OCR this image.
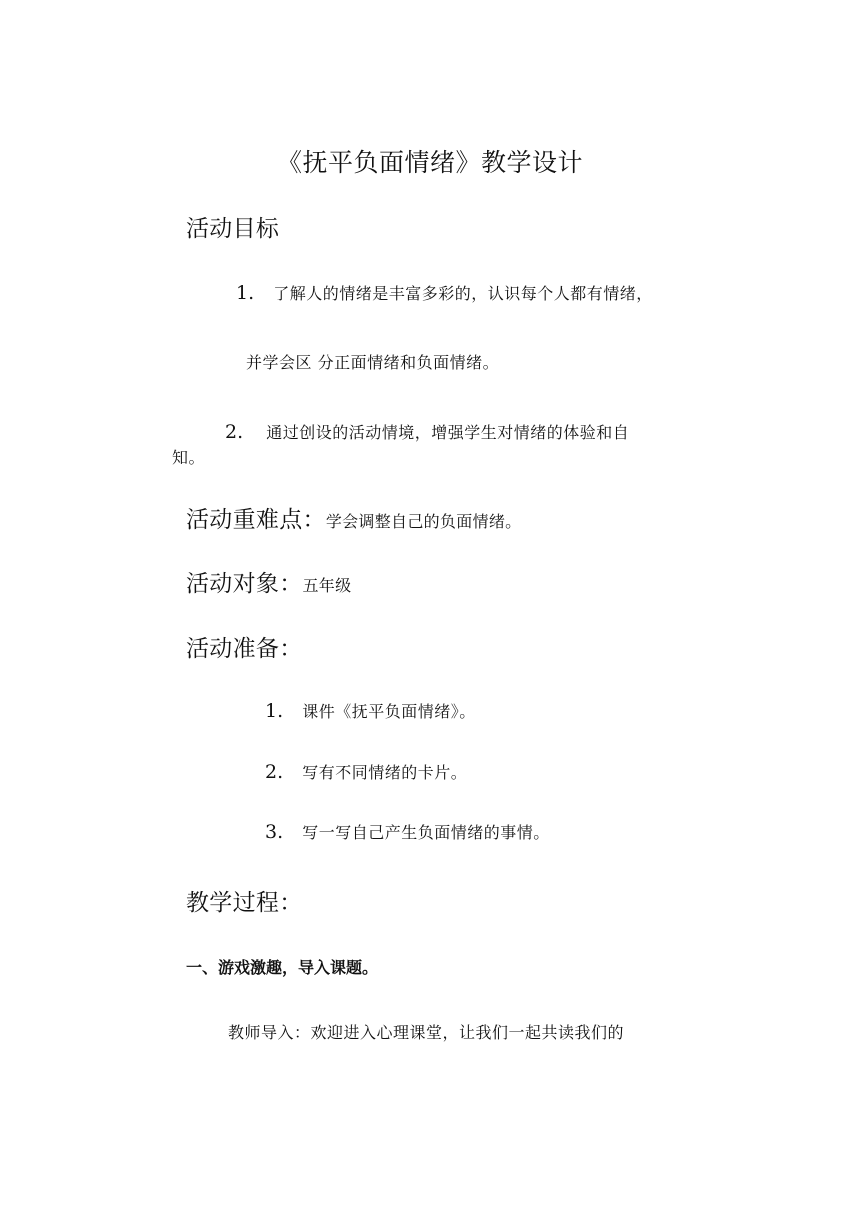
《抚平负面情绪》教学设计
活动目标
1. 了解人的情绪是丰富多彩的，认识每个人都有情绪，
并学会区 分正面情绪和负面情绪。
2. 通过创设的活动情境，增强学生对情绪的体验和自
知。
活动重难点：学会调整自己的负面情绪。
活动对象：五年级
活动准备：
1. 课件《抚平负面情绪》。
2. 写有不同情绪的卡片。
3. 写一写自己产生负面情绪的事情。
教学过程：
一、游戏激趣，导入课题。
教师导入：欢迎进入心理课堂，让我们一起共读我们的
